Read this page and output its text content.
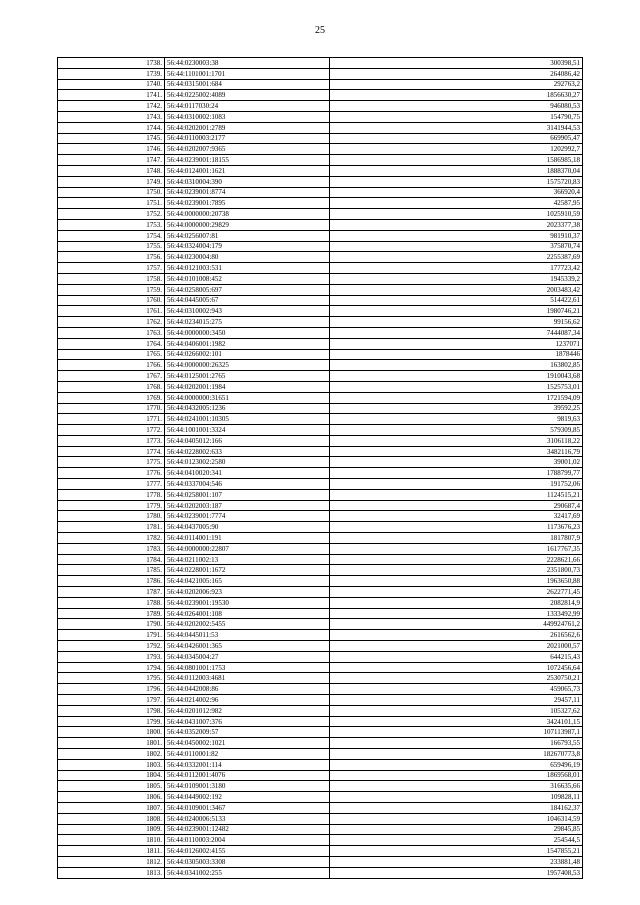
25
1738.	56:44:0230003:38	300398,51
1739.	56:44:1101001:1701	264086,42
1740.	56:44:0315001:684	292763,2
1741.	56:44:0225002:4089	1856630,27
1742.	56:44:0117030:24	946080,53
1743.	56:44:0310002:1083	154790,75
1744.	56:44:0202001:2789	3141944,53
1745.	56:44:0110003:2177	669905,47
1746.	56:44:0202007:9365	1202992,7
1747.	56:44:0239001:18155	1586985,18
1748.	56:44:0124001:1621	1888370,04
1749.	56:44:0310004:390	1575720,83
1750.	56:44:0239001:8774	366920,4
1751.	56:44:0239001:7895	42587,95
1752.	56:44:0000000:20738	1025910,59
1753.	56:44:0000000:29829	2023377,38
1754.	56:44:0256007:81	981910,37
1755.	56:44:0324004:179	375870,74
1756.	56:44:0230004:80	2255387,69
1757.	56:44:0121003:531	177723,42
1758.	56:44:0101008:452	1945339,2
1759.	56:44:0258005:697	2003483,42
1760.	56:44:0445005:67	514422,61
1761.	56:44:0310002:943	1980746,21
1762.	56:44:0234015:275	99156,62
1763.	56:44:0000000:3450	7444087,34
1764.	56:44:0406001:1982	1237071
1765.	56:44:0266002:101	1878446
1766.	56:44:0000000:26325	163802,85
1767.	56:44:0125001:2765	1910043,68
1768.	56:44:0202001:1984	1525753,01
1769.	56:44:0000000:31651	1721594,09
1770.	56:44:0432005:1236	39592,25
1771.	56:44:0241001:10305	9819,63
1772.	56:44:1001001:3324	579309,85
1773.	56:44:0405012:166	3106118,22
1774.	56:44:0228002:633	3482116,79
1775.	56:44:0123002:2580	39001,02
1776.	56:44:0410020:341	1788799,77
1777.	56:44:0337004:546	191752,06
1778.	56:44:0258001:107	1124515,21
1779.	56:44:0202003:187	290687,4
1780.	56:44:0239001:7774	32417,69
1781.	56:44:0437005:90	1173676,23
1782.	56:44:0114001:191	1817807,9
1783.	56:44:0000000:22807	1617767,35
1784.	56:44:0211002:13	2228621,66
1785.	56:44:0228001:1672	2351800,73
1786.	56:44:0421005:165	1963650,88
1787.	56:44:0202006:923	2622771,45
1788.	56:44:0239001:19530	2082814,9
1789.	56:44:0264001:108	1333492,99
1790.	56:44:0202002:5455	449924761,2
1791.	56:44:0445011:53	2616562,6
1792.	56:44:0426001:365	2021000,57
1793.	56:44:0345004:27	644215,43
1794.	56:44:0801001:1753	1072456,64
1795.	56:44:0112003:4681	2530750,21
1796.	56:44:0442008:86	459065,73
1797.	56:44:0214002:96	29457,11
1798.	56:44:0201012:982	105327,62
1799.	56:44:0431007:376	3424101,15
1800.	56:44:0352009:57	107113987,1
1801.	56:44:0450002:1021	166793,55
1802.	56:44:0110001:82	182670773,8
1803.	56:44:0332001:114	659496,19
1804.	56:44:0112001:4076	1869568,01
1805.	56:44:0109001:3180	316635,66
1806.	56:44:0449002:192	109828,11
1807.	56:44:0109001:3467	184162,37
1808.	56:44:0240006:5133	1046314,59
1809.	56:44:0239001:12482	29845,85
1810.	56:44:0110003:2004	254544,5
1811.	56:44:0126002:4155	1547855,21
1812.	56:44:0305003:3308	233881,48
1813.	56:44:0341002:255	1957408,53
